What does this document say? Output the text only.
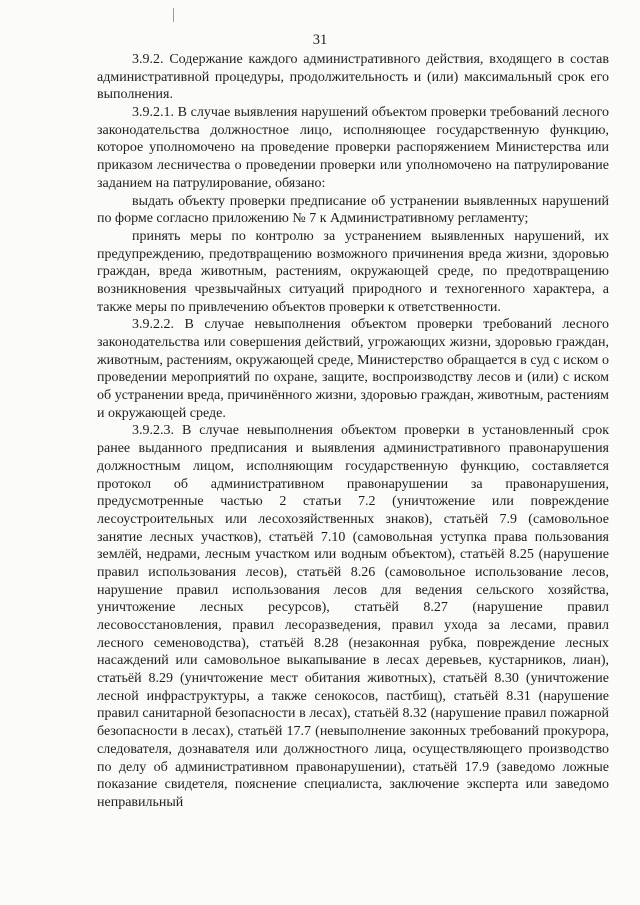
31

3.9.2. Содержание каждого административного действия, входящего в состав административной процедуры, продолжительность и (или) максимальный срок его выполнения.

3.9.2.1. В случае выявления нарушений объектом проверки требований лесного законодательства должностное лицо, исполняющее государственную функцию, которое уполномочено на проведение проверки распоряжением Министерства или приказом лесничества о проведении проверки или уполномочено на патрулирование заданием на патрулирование, обязано:

выдать объекту проверки предписание об устранении выявленных нарушений по форме согласно приложению № 7 к Административному регламенту;

принять меры по контролю за устранением выявленных нарушений, их предупреждению, предотвращению возможного причинения вреда жизни, здоровью граждан, вреда животным, растениям, окружающей среде, по предотвращению возникновения чрезвычайных ситуаций природного и техногенного характера, а также меры по привлечению объектов проверки к ответственности.

3.9.2.2. В случае невыполнения объектом проверки требований лесного законодательства или совершения действий, угрожающих жизни, здоровью граждан, животным, растениям, окружающей среде, Министерство обращается в суд с иском о проведении мероприятий по охране, защите, воспроизводству лесов и (или) с иском об устранении вреда, причинённого жизни, здоровью граждан, животным, растениям и окружающей среде.

3.9.2.3. В случае невыполнения объектом проверки в установленный срок ранее выданного предписания и выявления административного правонарушения должностным лицом, исполняющим государственную функцию, составляется протокол об административном правонарушении за правонарушения, предусмотренные частью 2 статьи 7.2 (уничтожение или повреждение лесоустроительных или лесохозяйственных знаков), статьёй 7.9 (самовольное занятие лесных участков), статьёй 7.10 (самовольная уступка права пользования землёй, недрами, лесным участком или водным объектом), статьёй 8.25 (нарушение правил использования лесов), статьёй 8.26 (самовольное использование лесов, нарушение правил использования лесов для ведения сельского хозяйства, уничтожение лесных ресурсов), статьёй 8.27 (нарушение правил лесовосстановления, правил лесоразведения, правил ухода за лесами, правил лесного семеноводства), статьёй 8.28 (незаконная рубка, повреждение лесных насаждений или самовольное выкапывание в лесах деревьев, кустарников, лиан), статьёй 8.29 (уничтожение мест обитания животных), статьёй 8.30 (уничтожение лесной инфраструктуры, а также сенокосов, пастбищ), статьёй 8.31 (нарушение правил санитарной безопасности в лесах), статьёй 8.32 (нарушение правил пожарной безопасности в лесах), статьёй 17.7 (невыполнение законных требований прокурора, следователя, дознавателя или должностного лица, осуществляющего производство по делу об административном правонарушении), статьёй 17.9 (заведомо ложные показание свидетеля, пояснение специалиста, заключение эксперта или заведомо неправильный
